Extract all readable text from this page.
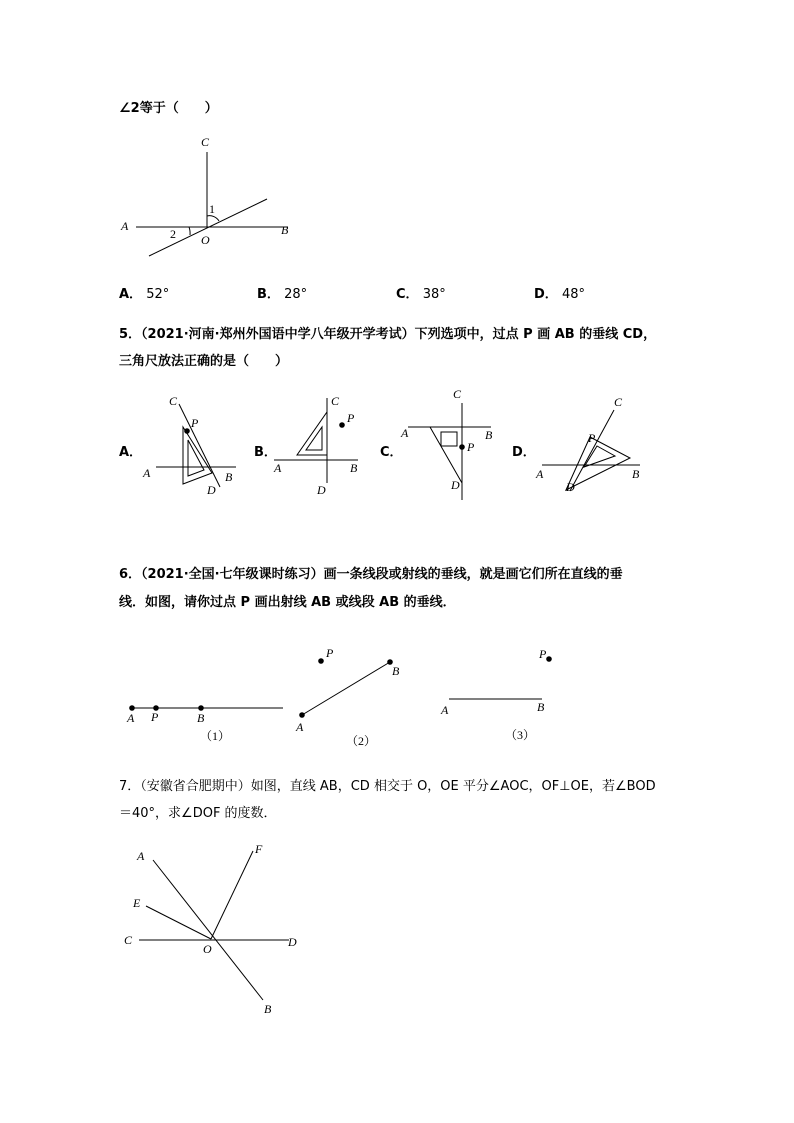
∠2等于（　　）
C
A	B
O
1
2
A． 52°	B． 28°	C． 38°	D． 48°
5．（2021·河南·郑州外国语中学八年级开学考试）下列选项中，过点 P 画 AB 的垂线 CD，
三角尺放法正确的是（　　）
A．	B．	C．	D．
C
P
A	B
D
C
P
A	B
D
C
A	B
P
D
C
P
A	B
D
6．（2021·全国·七年级课时练习）画一条线段或射线的垂线，就是画它们所在直线的垂
线．如图，请你过点 P 画出射线 AB 或线段 AB 的垂线．
A P	B
（1）
P
A
B
（2）
P
A	B
（3）
7．（安徽省合肥期中）如图，直线 AB，CD 相交于 O，OE 平分∠AOC，OF⊥OE，若∠BOD
＝40°，求∠DOF 的度数．
A	F
E
C
O	D
B
